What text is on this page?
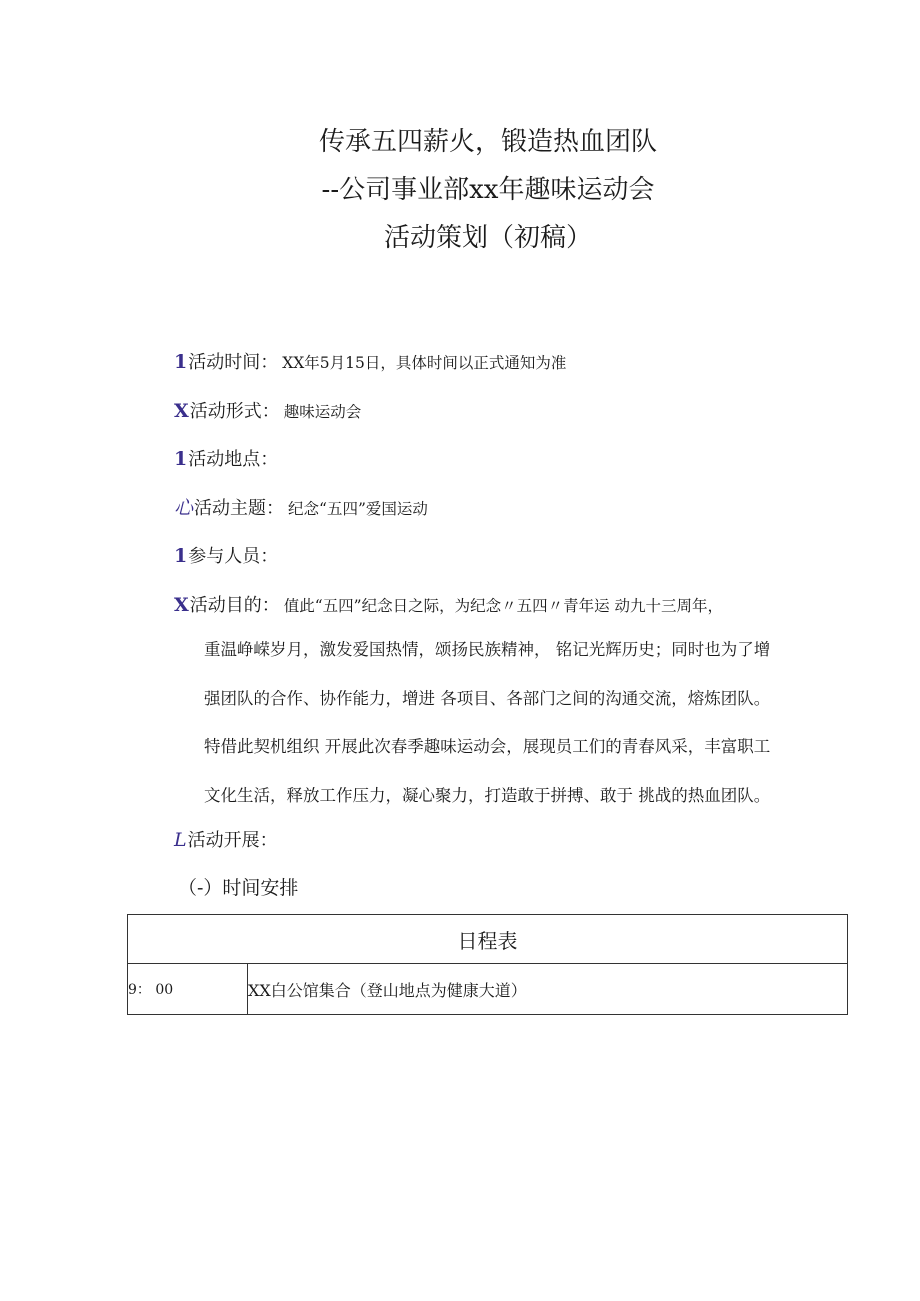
传承五四薪火，锻造热血团队
--公司事业部xx年趣味运动会
活动策划（初稿）
1活动时间： XX年5月15日，具体时间以正式通知为准
X活动形式： 趣味运动会
1活动地点：
心活动主题： 纪念“五四”爱国运动
1参与人员：
X活动目的： 值此“五四”纪念日之际，为纪念〃五四〃青年运 动九十三周年，
重温峥嵘岁月，激发爱国热情，颂扬民族精神， 铭记光辉历史；同时也为了增
强团队的合作、协作能力，增进 各项目、各部门之间的沟通交流，熔炼团队。
特借此契机组织 开展此次春季趣味运动会，展现员工们的青春风采，丰富职工
文化生活，释放工作压力，凝心聚力，打造敢于拼搏、敢于 挑战的热血团队。
L活动开展：
（-）时间安排
日程表
9： 00	XX白公馆集合（登山地点为健康大道）
